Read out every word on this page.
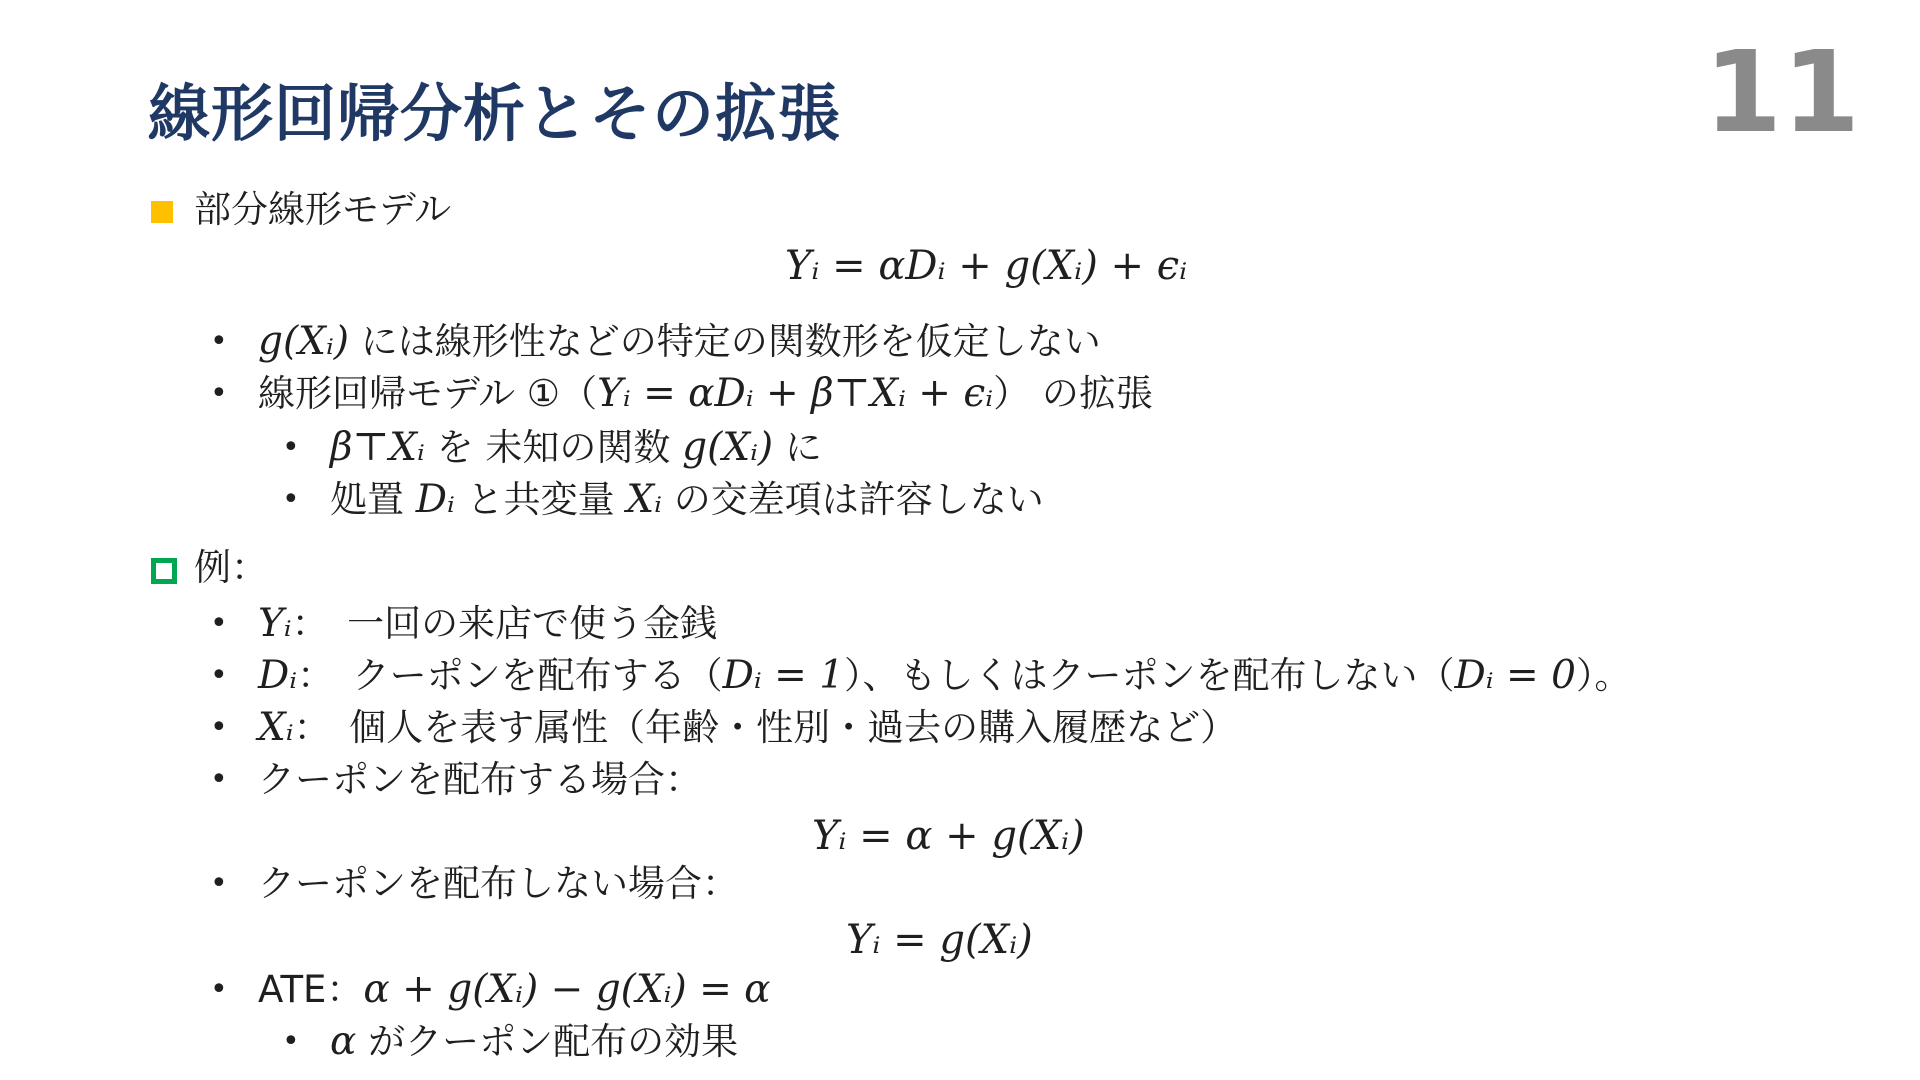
線形回帰分析とその拡張	11
部分線形モデル
Yᵢ = αDᵢ + g(Xᵢ) + ϵᵢ
• g(Xᵢ) には線形性などの特定の関数形を仮定しない
• 線形回帰モデル ①（Yᵢ = αDᵢ + β⊤Xᵢ + ϵᵢ） の拡張
• β⊤Xᵢ を 未知の関数 g(Xᵢ) に
• 処置 Dᵢ と共変量 Xᵢ の交差項は許容しない
例：
• Yᵢ：　一回の来店で使う金銭
• Dᵢ：　クーポンを配布する（Dᵢ = 1）、もしくはクーポンを配布しない（Dᵢ = 0）。
• Xᵢ：　個人を表す属性（年齢・性別・過去の購入履歴など）
• クーポンを配布する場合：
Yᵢ = α + g(Xᵢ)
• クーポンを配布しない場合：
Yᵢ = g(Xᵢ)
• ATE：α + g(Xᵢ) − g(Xᵢ) = α
• α がクーポン配布の効果
